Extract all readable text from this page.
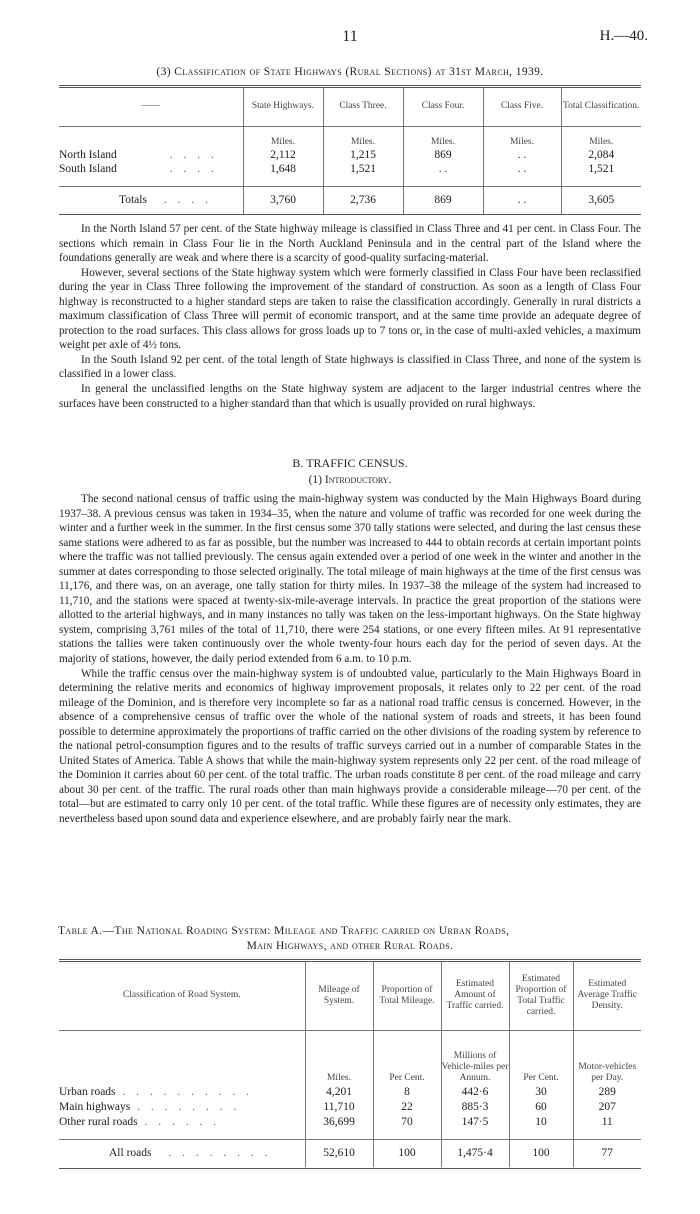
11	H.—40.
(3) Classification of State Highways (Rural Sections) at 31st March, 1939.
——	State Highways.	Class Three.	Class Four.	Class Five.	Total Classification.
	Miles.	Miles.	Miles.	Miles.	Miles.
North Island . . . .	2,112	1,215	869	. .	2,084
South Island . . . .	1,648	1,521	. .	. .	1,521

Totals . . . .	3,760	2,736	869	. .	3,605

In the North Island 57 per cent. of the State highway mileage is classified in Class Three and 41 per cent. in Class Four. The sections which remain in Class Four lie in the North Auckland Peninsula and in the central part of the Island where the foundations generally are weak and where there is a scarcity of good-quality surfacing-material.

However, several sections of the State highway system which were formerly classified in Class Four have been reclassified during the year in Class Three following the improvement of the standard of construction. As soon as a length of Class Four highway is reconstructed to a higher standard steps are taken to raise the classification accordingly. Generally in rural districts a maximum classification of Class Three will permit of economic transport, and at the same time provide an adequate degree of protection to the road surfaces. This class allows for gross loads up to 7 tons or, in the case of multi-axled vehicles, a maximum weight per axle of 4½ tons.

In the South Island 92 per cent. of the total length of State highways is classified in Class Three, and none of the system is classified in a lower class.

In general the unclassified lengths on the State highway system are adjacent to the larger industrial centres where the surfaces have been constructed to a higher standard than that which is usually provided on rural highways.

B. TRAFFIC CENSUS.

(1) Introductory.

The second national census of traffic using the main-highway system was conducted by the Main Highways Board during 1937–38. A previous census was taken in 1934–35, when the nature and volume of traffic was recorded for one week during the winter and a further week in the summer. In the first census some 370 tally stations were selected, and during the last census these same stations were adhered to as far as possible, but the number was increased to 444 to obtain records at certain important points where the traffic was not tallied previously. The census again extended over a period of one week in the winter and another in the summer at dates corresponding to those selected originally. The total mileage of main highways at the time of the first census was 11,176, and there was, on an average, one tally station for thirty miles. In 1937–38 the mileage of the system had increased to 11,710, and the stations were spaced at twenty-six-mile-average intervals. In practice the great proportion of the stations were allotted to the arterial highways, and in many instances no tally was taken on the less-important highways. On the State highway system, comprising 3,761 miles of the total of 11,710, there were 254 stations, or one every fifteen miles. At 91 representative stations the tallies were taken continuously over the whole twenty-four hours each day for the period of seven days. At the majority of stations, however, the daily period extended from 6 a.m. to 10 p.m.

While the traffic census over the main-highway system is of undoubted value, particularly to the Main Highways Board in determining the relative merits and economics of highway improvement proposals, it relates only to 22 per cent. of the road mileage of the Dominion, and is therefore very incomplete so far as a national road traffic census is concerned. However, in the absence of a comprehensive census of traffic over the whole of the national system of roads and streets, it has been found possible to determine approximately the proportions of traffic carried on the other divisions of the roading system by reference to the national petrol-consumption figures and to the results of traffic surveys carried out in a number of comparable States in the United States of America. Table A shows that while the main-highway system represents only 22 per cent. of the road mileage of the Dominion it carries about 60 per cent. of the total traffic. The urban roads constitute 8 per cent. of the road mileage and carry about 30 per cent. of the traffic. The rural roads other than main highways provide a considerable mileage—70 per cent. of the total—but are estimated to carry only 10 per cent. of the total traffic. While these figures are of necessity only estimates, they are nevertheless based upon sound data and experience elsewhere, and are probably fairly near the mark.

Table A.—The National Roading System: Mileage and Traffic carried on Urban Roads,
Main Highways, and other Rural Roads.
Classification of Road System.	Mileage of System.	Proportion of Total Mileage.	Estimated Amount of Traffic carried.	Estimated Proportion of Total Traffic carried.	Estimated Average Traffic Density.
	Miles.	Per Cent.	Millions of Vehicle-miles per Annum.	Per Cent.	Motor-vehicles per Day.
Urban roads . . . . . . . . . .	4,201	8	442·6	30	289
Main highways . . . . . . . .	11,710	22	885·3	60	207
Other rural roads . . . . . .	36,699	70	147·5	10	11

All roads . . . . . . . .	52,610	100	1,475·4	100	77
